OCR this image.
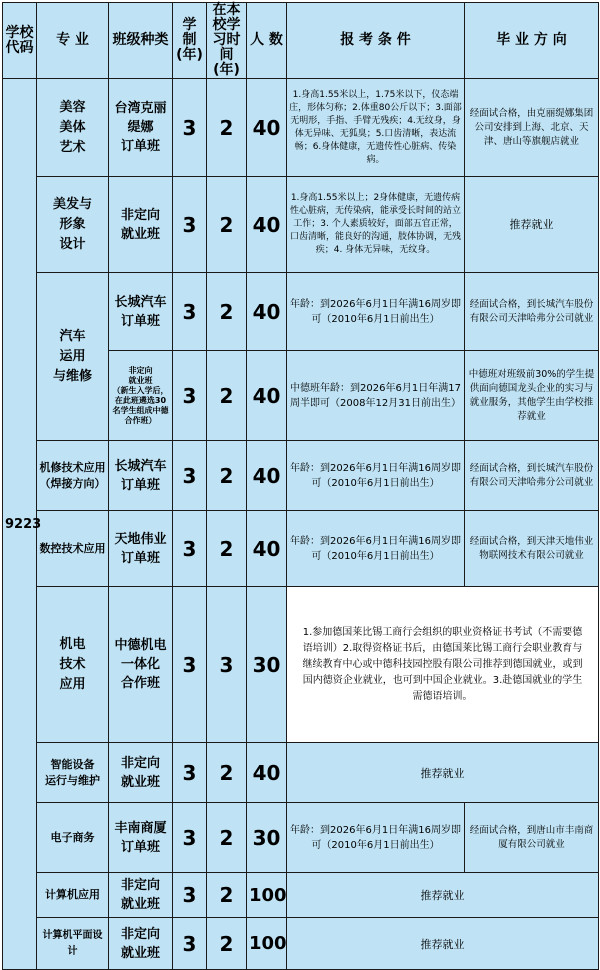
学校
代码	专 业	班级种类	学 制
(年)	在本校学
习时间(年)	人 数	报 考 条 件	毕 业 方 向
9223	美容
美体
艺术	台湾克丽
缇娜
订单班	3	2	40	1.身高1.55米以上，1.75米以下，仪态端庄，形体匀称；2.体重80公斤以下；3.面部无明形，手指、手臂无残疾；4.无纹身，身体无异味、无狐臭；5.口齿清晰，表达流畅；6.身体健康，无遗传性心脏病、传染病。	经面试合格，由克丽缇娜集团公司安排到上海、北京、天津、唐山等旗舰店就业
	美发与
形象
设计	非定向
就业班	3	2	40	1.身高1.55米以上；2身体健康，无遗传病性心脏病，无传染病，能承受长时间的站立工作；3. 个人素质较好，面部五官正常，口齿清晰，能良好的沟通，肢体协调，无残疾；4. 身体无异味，无纹身。	推荐就业
	汽车
运用
与维修	长城汽车
订单班	3	2	40	年龄：到2026年6月1日年满16周岁即可（2010年6月1日前出生）	经面试合格，到长城汽车股份有限公司天津哈弗分公司就业
		非定向
就业班
（新生入学后，在此班遴选30名学生组成中德合作班）	3	2	40	中德班年龄：到2026年6月1日年满17周半即可（2008年12月31日前出生）	中德班对班级前30%的学生提供面向德国龙头企业的实习与就业服务，其他学生由学校推荐就业
	机修技术应用
（焊接方向）	长城汽车
订单班	3	2	40	年龄：到2026年6月1日年满16周岁即可（2010年6月1日前出生）	经面试合格，到长城汽车股份有限公司天津哈弗分公司就业
	数控技术应用	天地伟业
订单班	3	2	40	年龄：到2026年6月1日年满16周岁即可（2010年6月1日前出生）	经面试合格，到天津天地伟业物联网技术有限公司就业
	机电
技术
应用	中德机电
一体化
合作班	3	3	30	1.参加德国莱比锡工商行会组织的职业资格证书考试（不需要德语培训）2.取得资格证书后，由德国莱比锡工商行会职业教育与继续教育中心或中德科技园控股有限公司推荐到德国就业，或到国内德资企业就业，也可到中国企业就业。3.赴德国就业的学生需德语培训。	
	智能设备
运行与维护	非定向
就业班	3	2	40	推荐就业	
	电子商务	丰南商厦
订单班	3	2	30	年龄：到2026年6月1日年满16周岁即可（2010年6月1日前出生）	经面试合格，到唐山市丰南商厦有限公司就业
	计算机应用	非定向
就业班	3	2	100	推荐就业	
	计算机平面设计	非定向
就业班	3	2	100	推荐就业	
